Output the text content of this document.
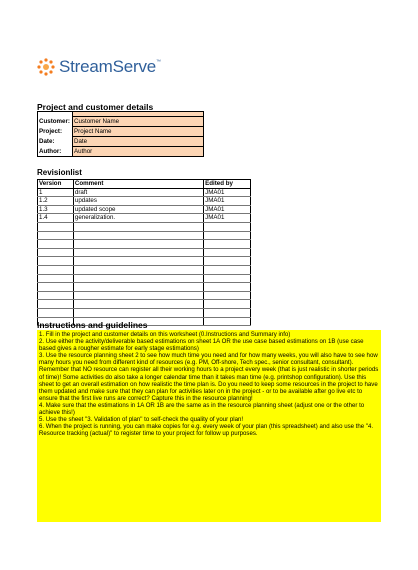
StreamServe™
Project and customer details

Customer:	Customer Name
Project:	Project Name
Date:	Date
Author:	Author
Revisionlist
Version	Comment	Edited by
1	draft	JMA01
1.2	updates	JMA01
1.3	updated scope	JMA01
1.4	generalization.	JMA01

Instructions and guidelines

1. Fill in the project and customer details on this worksheet (0.Instructions and Summary info)

2. Use either the activity/deliverable based estimations on sheet 1A OR the use case based estimations on 1B (use case based gives a rougher estimate for early stage estimations)

3. Use the resource planning sheet 2 to see how much time you need and for how many weeks, you will also have to see how many hours you need from different kind of resources (e.g. PM, Off-shore, Tech spec., senior consultant, consultant). Remember that NO resource can register all their working hours to a project every week (that is just realistic in shorter periods of time)! Some activities do also take a longer calendar time than it takes man time (e.g. printshop configuration). Use this sheet to get an overall estimation on how realistic the time plan is. Do you need to keep some resources in the project to have them updated and make sure that they can plan for activities later on in the project - or to be available after go live etc to ensure that the first live runs are correct? Capture this in the resource planning!

4. Make sure that the estimations in 1A OR 1B are the same as in the resource planning sheet (adjust one or the other to achieve this!)

5. Use the sheet "3. Validation of plan" to self-check the quality of your plan!

6. When the project is running, you can make copies for e.g. every week of your plan (this spreadsheet) and also use the "4. Resource tracking (actual)" to register time to your project for follow up purposes.
